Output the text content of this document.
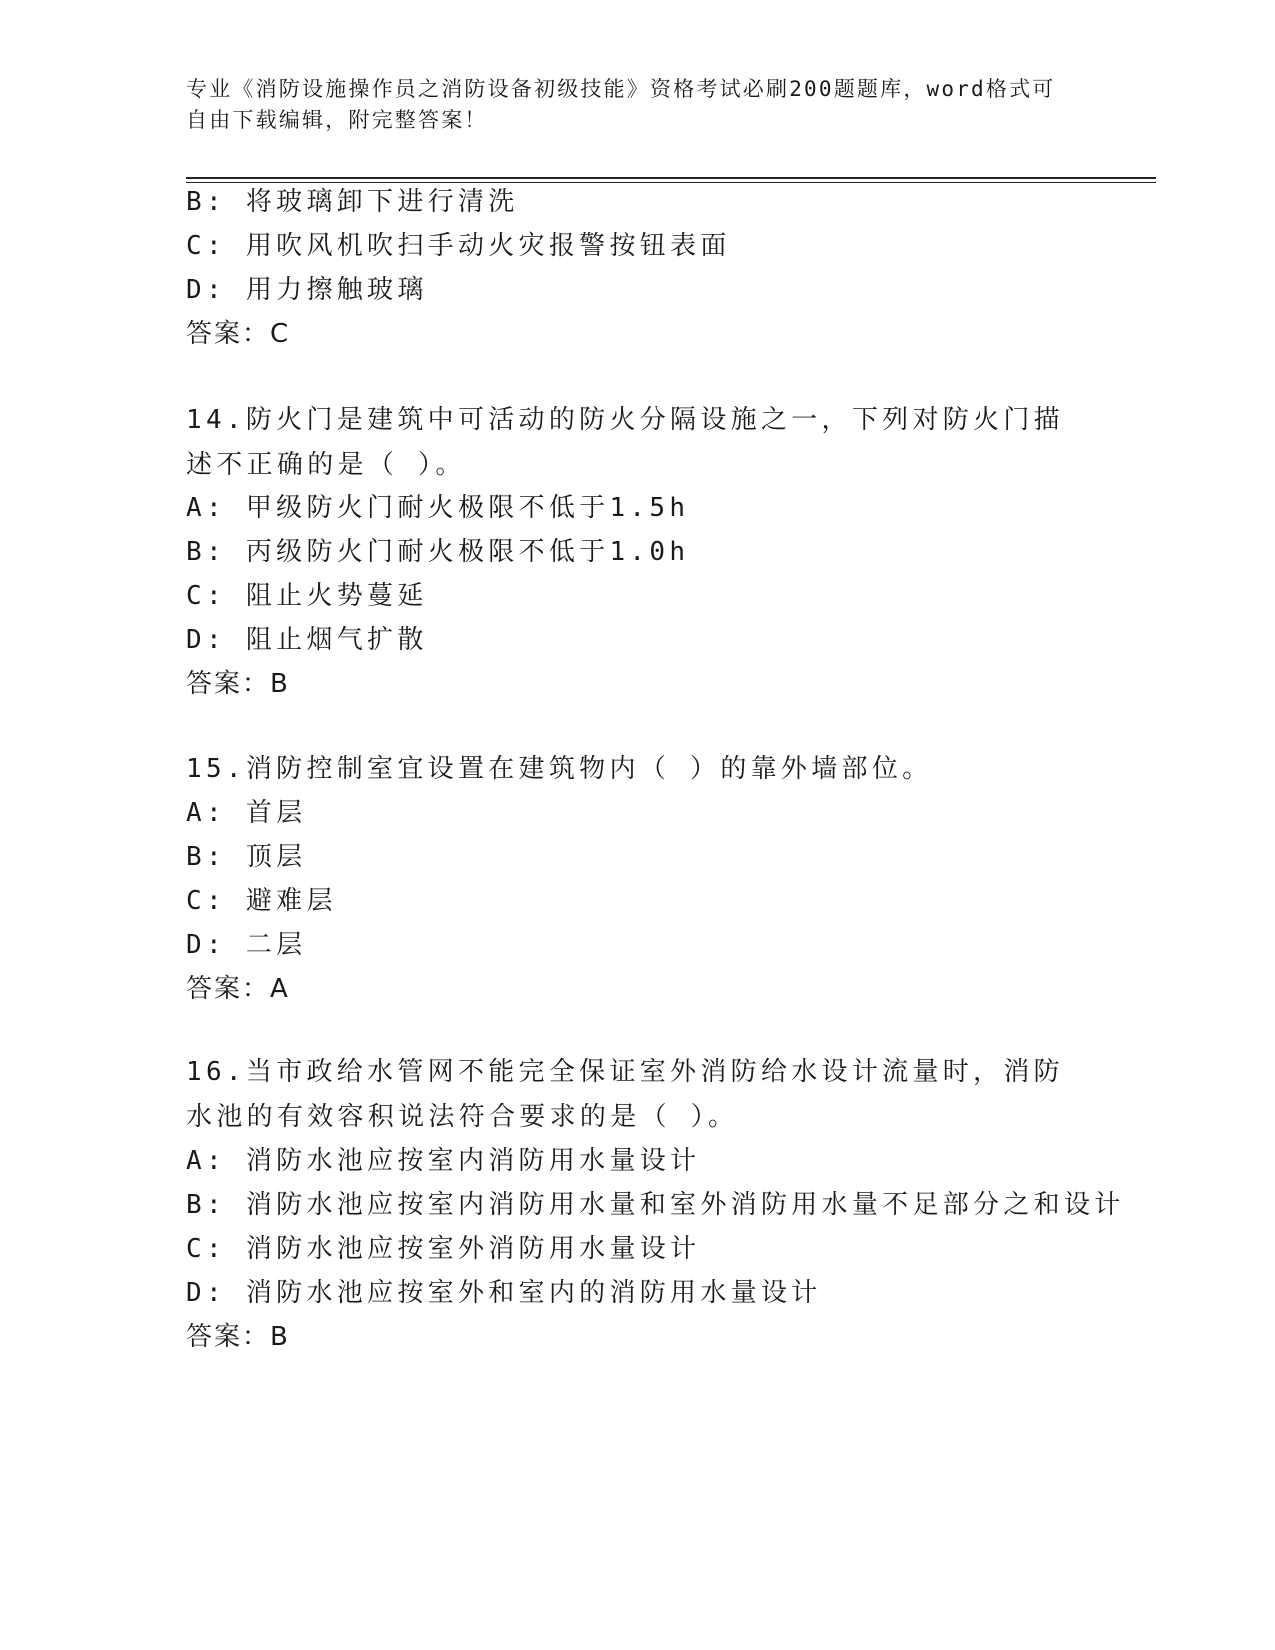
专业《消防设施操作员之消防设备初级技能》资格考试必刷200题题库，word格式可自由下载编辑，附完整答案！
B: 将玻璃卸下进行清洗
C: 用吹风机吹扫手动火灾报警按钮表面
D: 用力擦触玻璃
答案：C
14.防火门是建筑中可活动的防火分隔设施之一，下列对防火门描述不正确的是（ ）。
A: 甲级防火门耐火极限不低于1.5h
B: 丙级防火门耐火极限不低于1.0h
C: 阻止火势蔓延
D: 阻止烟气扩散
答案：B
15.消防控制室宜设置在建筑物内（ ）的靠外墙部位。
A: 首层
B: 顶层
C: 避难层
D: 二层
答案：A
16.当市政给水管网不能完全保证室外消防给水设计流量时，消防水池的有效容积说法符合要求的是（ ）。
A: 消防水池应按室内消防用水量设计
B: 消防水池应按室内消防用水量和室外消防用水量不足部分之和设计
C: 消防水池应按室外消防用水量设计
D: 消防水池应按室外和室内的消防用水量设计
答案：B
